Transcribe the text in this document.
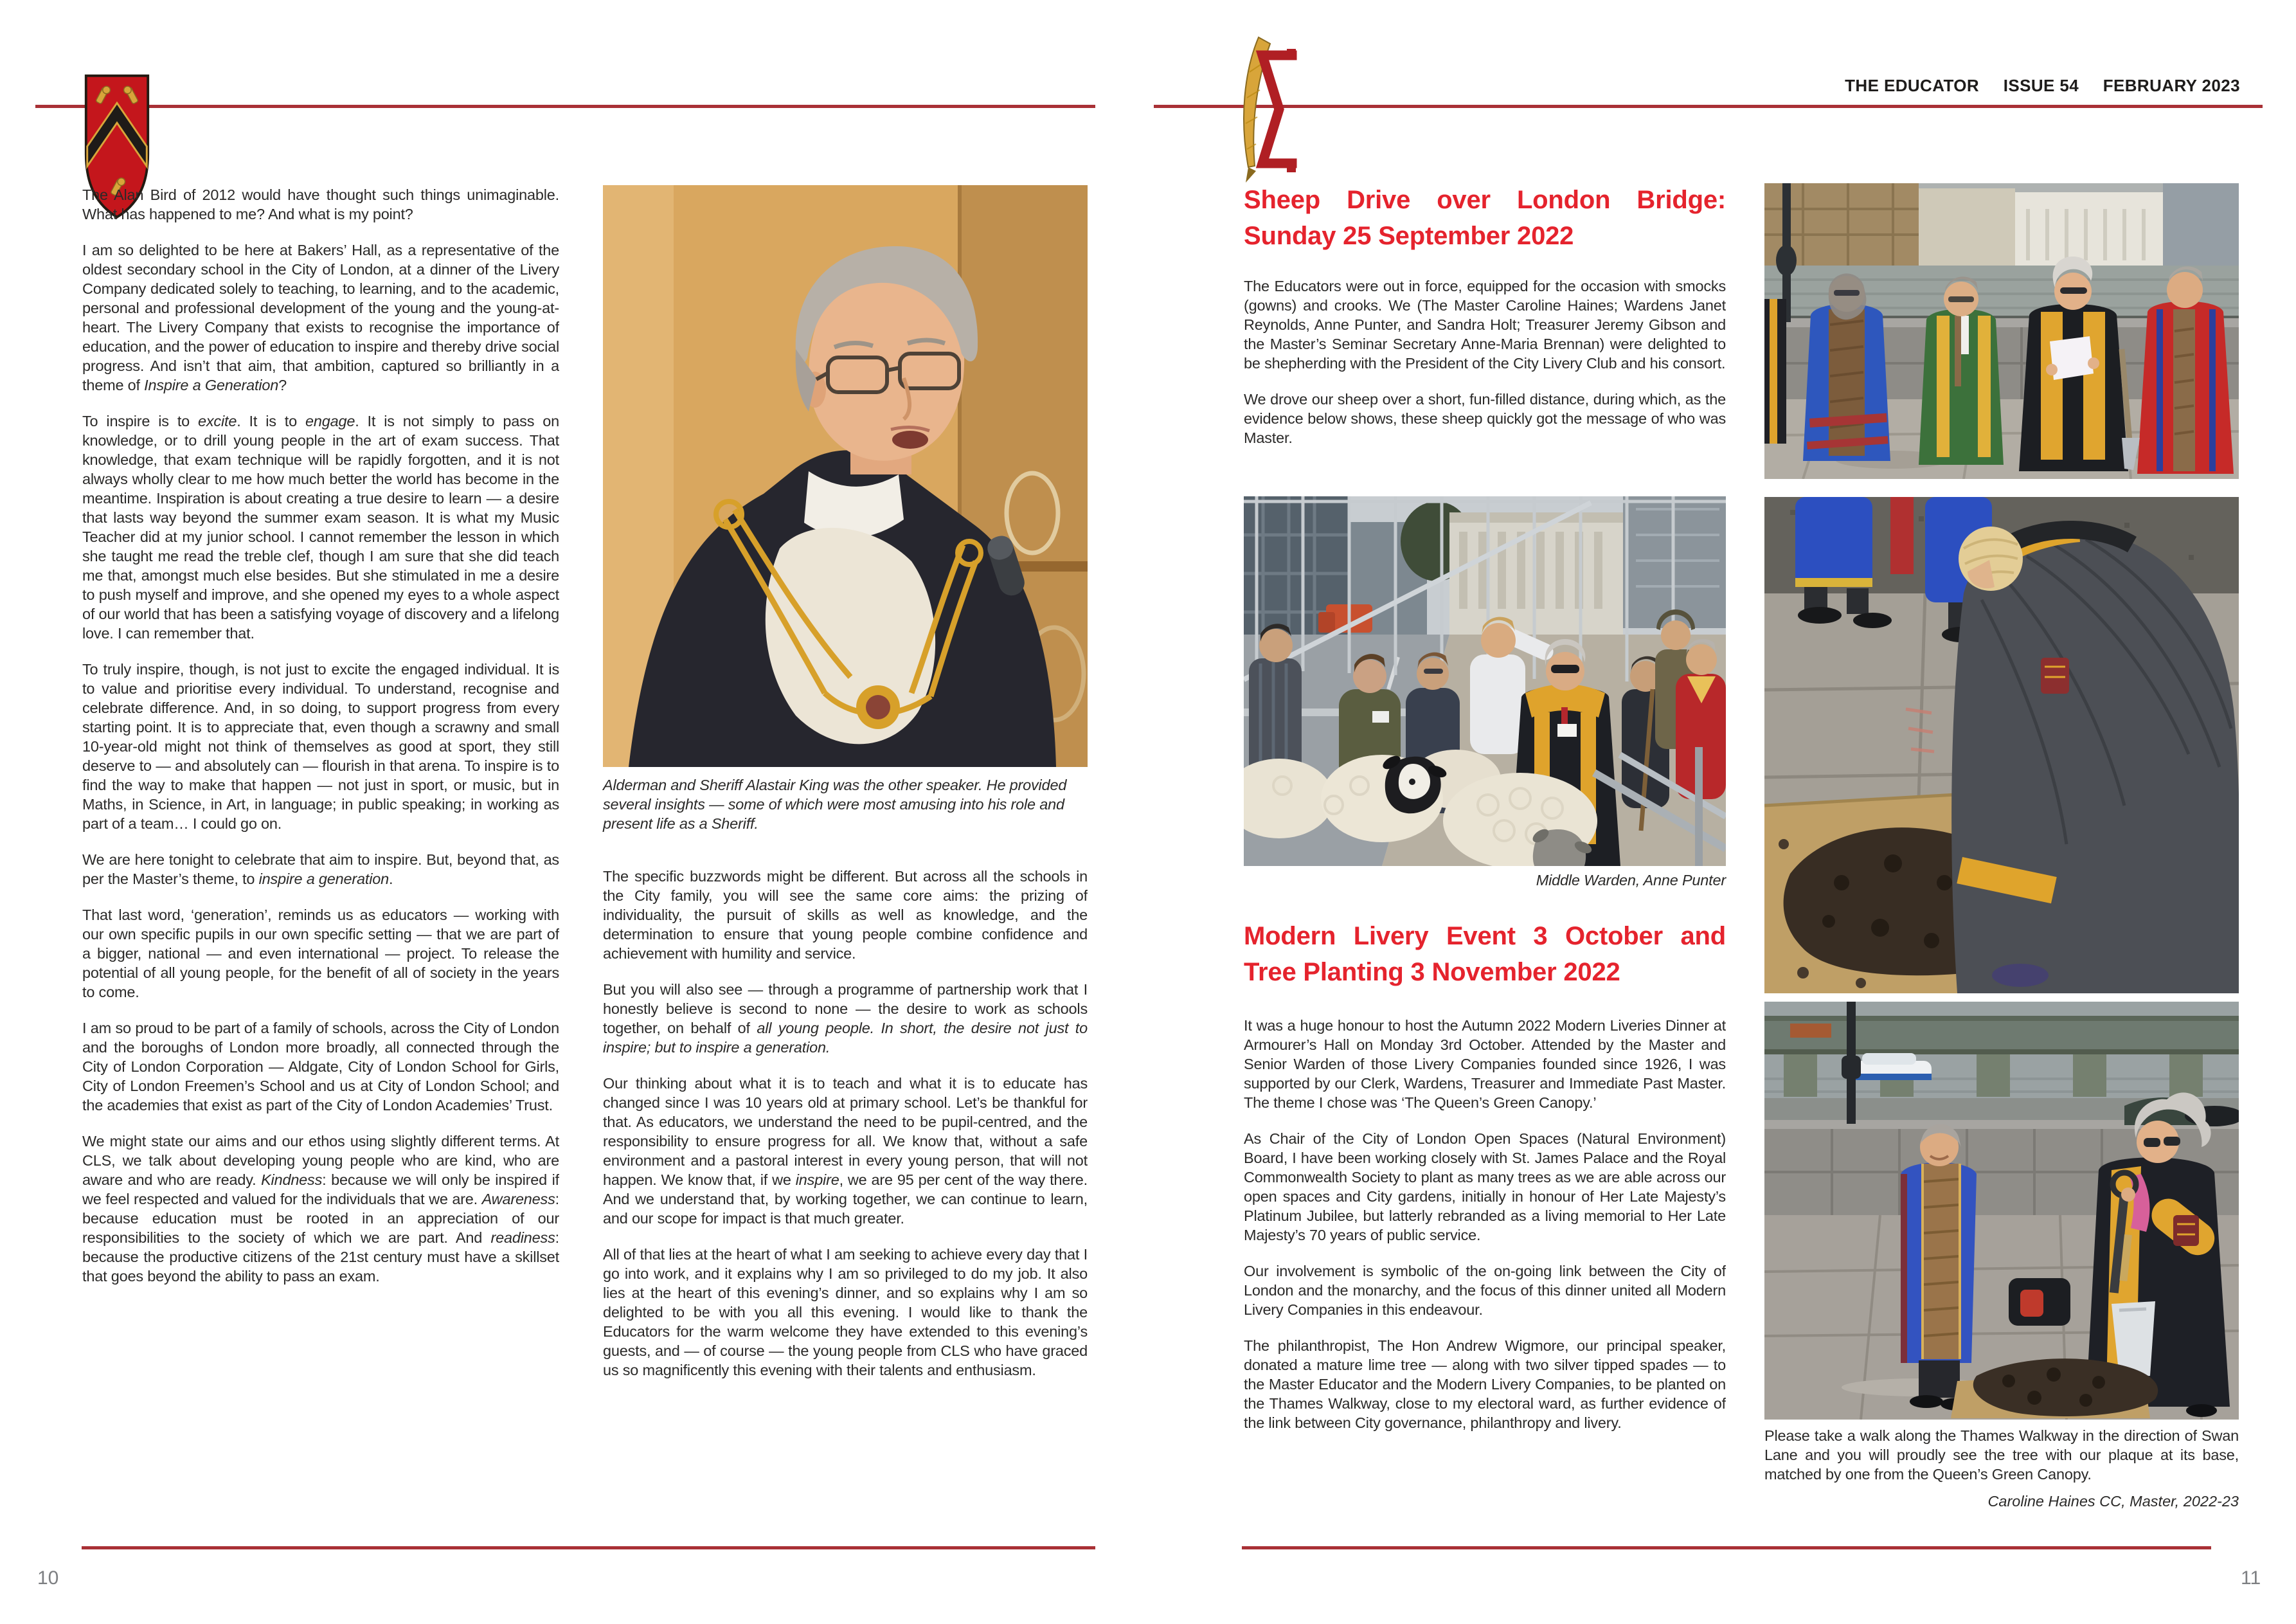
THE EDUCATOR ISSUE 54 FEBRUARY 2023

The Alan Bird of 2012 would have thought such things unimaginable. What has happened to me? And what is my point?

I am so delighted to be here at Bakers’ Hall, as a representative of the oldest secondary school in the City of London, at a dinner of the Livery Company dedicated solely to teaching, to learning, and to the academic, personal and professional development of the young and the young-at-heart. The Livery Company that exists to recognise the importance of education, and the power of education to inspire and thereby drive social progress. And isn’t that aim, that ambition, captured so brilliantly in a theme of Inspire a Generation?

To inspire is to excite. It is to engage. It is not simply to pass on knowledge, or to drill young people in the art of exam success. That knowledge, that exam technique will be rapidly forgotten, and it is not always wholly clear to me how much better the world has become in the meantime. Inspiration is about creating a true desire to learn — a desire that lasts way beyond the summer exam season. It is what my Music Teacher did at my junior school. I cannot remember the lesson in which she taught me read the treble clef, though I am sure that she did teach me that, amongst much else besides. But she stimulated in me a desire to push myself and improve, and she opened my eyes to a whole aspect of our world that has been a satisfying voyage of discovery and a lifelong love. I can remember that.

To truly inspire, though, is not just to excite the engaged individual. It is to value and prioritise every individual. To understand, recognise and celebrate difference. And, in so doing, to support progress from every starting point. It is to appreciate that, even though a scrawny and small 10-year-old might not think of themselves as good at sport, they still deserve to — and absolutely can — flourish in that arena. To inspire is to find the way to make that happen — not just in sport, or music, but in Maths, in Science, in Art, in language; in public speaking; in working as part of a team… I could go on.

We are here tonight to celebrate that aim to inspire. But, beyond that, as per the Master’s theme, to inspire a generation.

That last word, ‘generation’, reminds us as educators — working with our own specific pupils in our own specific setting — that we are part of a bigger, national — and even international — project. To release the potential of all young people, for the benefit of all of society in the years to come.

I am so proud to be part of a family of schools, across the City of London and the boroughs of London more broadly, all connected through the City of London Corporation — Aldgate, City of London School for Girls, City of London Freemen’s School and us at City of London School; and the academies that exist as part of the City of London Academies’ Trust.

We might state our aims and our ethos using slightly different terms. At CLS, we talk about developing young people who are kind, who are aware and who are ready. Kindness: because we will only be inspired if we feel respected and valued for the individuals that we are. Awareness: because education must be rooted in an appreciation of our responsibilities to the society of which we are part. And readiness: because the productive citizens of the 21st century must have a skillset that goes beyond the ability to pass an exam.

Alderman and Sheriff Alastair King was the other speaker. He provided several insights — some of which were most amusing into his role and present life as a Sheriff.

The specific buzzwords might be different. But across all the schools in the City family, you will see the same core aims: the prizing of individuality, the pursuit of skills as well as knowledge, and the determination to ensure that young people combine confidence and achievement with humility and service.

But you will also see — through a programme of partnership work that I honestly believe is second to none — the desire to work as schools together, on behalf of all young people. In short, the desire not just to inspire; but to inspire a generation.

Our thinking about what it is to teach and what it is to educate has changed since I was 10 years old at primary school. Let’s be thankful for that. As educators, we understand the need to be pupil-centred, and the responsibility to ensure progress for all. We know that, without a safe environment and a pastoral interest in every young person, that will not happen. We know that, if we inspire, we are 95 per cent of the way there. And we understand that, by working together, we can continue to learn, and our scope for impact is that much greater.

All of that lies at the heart of what I am seeking to achieve every day that I go into work, and it explains why I am so privileged to do my job. It also lies at the heart of this evening’s dinner, and so explains why I am so delighted to be with you all this evening. I would like to thank the Educators for the warm welcome they have extended to this evening’s guests, and — of course — the young people from CLS who have graced us so magnificently this evening with their talents and enthusiasm.

10
Sheep Drive over London Bridge:
Sunday 25 September 2022

The Educators were out in force, equipped for the occasion with smocks (gowns) and crooks. We (The Master Caroline Haines; Wardens Janet Reynolds, Anne Punter, and Sandra Holt; Treasurer Jeremy Gibson and the Master’s Seminar Secretary Anne-Maria Brennan) were delighted to be shepherding with the President of the City Livery Club and his consort.

We drove our sheep over a short, fun-filled distance, during which, as the evidence below shows, these sheep quickly got the message of who was Master.

Middle Warden, Anne Punter
Modern Livery Event 3 October and
Tree Planting 3 November 2022

It was a huge honour to host the Autumn 2022 Modern Liveries Dinner at Armourer’s Hall on Monday 3rd October. Attended by the Master and Senior Warden of those Livery Companies founded since 1926, I was supported by our Clerk, Wardens, Treasurer and Immediate Past Master. The theme I chose was ‘The Queen’s Green Canopy.’

As Chair of the City of London Open Spaces (Natural Environment) Board, I have been working closely with St. James Palace and the Royal Commonwealth Society to plant as many trees as we are able across our open spaces and City gardens, initially in honour of Her Late Majesty’s Platinum Jubilee, but latterly rebranded as a living memorial to Her Late Majesty’s 70 years of public service.

Our involvement is symbolic of the on-going link between the City of London and the monarchy, and the focus of this dinner united all Modern Livery Companies in this endeavour.

The philanthropist, The Hon Andrew Wigmore, our principal speaker, donated a mature lime tree — along with two silver tipped spades — to the Master Educator and the Modern Livery Companies, to be planted on the Thames Walkway, close to my electoral ward, as further evidence of the link between City governance, philanthropy and livery.

Please take a walk along the Thames Walkway in the direction of Swan Lane and you will proudly see the tree with our plaque at its base, matched by one from the Queen’s Green Canopy.

Caroline Haines CC, Master, 2022-23
11
